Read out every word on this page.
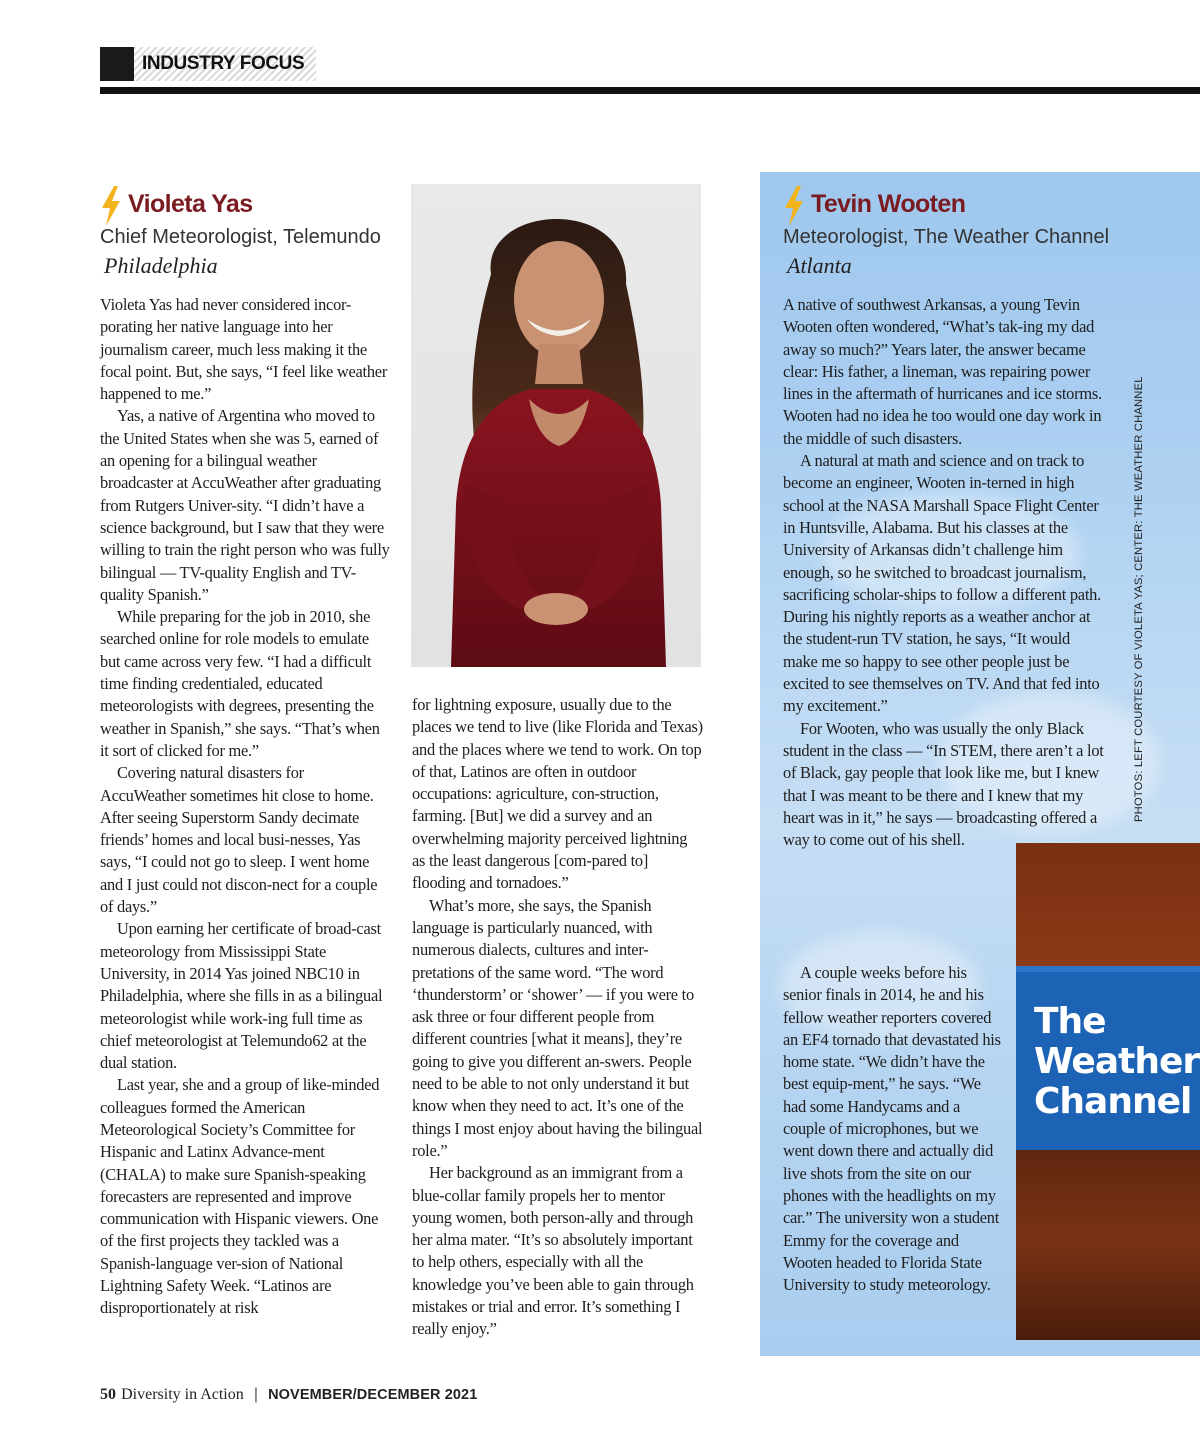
INDUSTRY FOCUS
Violeta Yas
Chief Meteorologist, Telemundo
Philadelphia

Violeta Yas had never considered incor-porating her native language into her journalism career, much less making it the focal point. But, she says, “I feel like weather happened to me.”

Yas, a native of Argentina who moved to the United States when she was 5, earned of an opening for a bilingual weather broadcaster at AccuWeather after graduating from Rutgers Univer-sity. “I didn’t have a science background, but I saw that they were willing to train the right person who was fully bilingual — TV-quality English and TV-quality Spanish.”

While preparing for the job in 2010, she searched online for role models to emulate but came across very few. “I had a difficult time finding credentialed, educated meteorologists with degrees, presenting the weather in Spanish,” she says. “That’s when it sort of clicked for me.”

Covering natural disasters for AccuWeather sometimes hit close to home. After seeing Superstorm Sandy decimate friends’ homes and local busi-nesses, Yas says, “I could not go to sleep. I went home and I just could not discon-nect for a couple of days.”

Upon earning her certificate of broad-cast meteorology from Mississippi State University, in 2014 Yas joined NBC10 in Philadelphia, where she fills in as a bilingual meteorologist while work-ing full time as chief meteorologist at Telemundo62 at the dual station.

Last year, she and a group of like-minded colleagues formed the American Meteorological Society’s Committee for Hispanic and Latinx Advance-ment (CHALA) to make sure Spanish-speaking forecasters are represented and improve communication with Hispanic viewers. One of the first projects they tackled was a Spanish-language ver-sion of National Lightning Safety Week. “Latinos are disproportionately at risk

for lightning exposure, usually due to the places we tend to live (like Florida and Texas) and the places where we tend to work. On top of that, Latinos are often in outdoor occupations: agriculture, con-struction, farming. [But] we did a survey and an overwhelming majority perceived lightning as the least dangerous [com-pared to] flooding and tornadoes.”

What’s more, she says, the Spanish language is particularly nuanced, with numerous dialects, cultures and inter-pretations of the same word. “The word ‘thunderstorm’ or ‘shower’ — if you were to ask three or four different people from different countries [what it means], they’re going to give you different an-swers. People need to be able to not only understand it but know when they need to act. It’s one of the things I most enjoy about having the bilingual role.”

Her background as an immigrant from a blue-collar family propels her to mentor young women, both person-ally and through her alma mater. “It’s so absolutely important to help others, especially with all the knowledge you’ve been able to gain through mistakes or trial and error. It’s something I really enjoy.”

Tevin Wooten
Meteorologist, The Weather Channel
Atlanta
The
Weather
Channel

A native of southwest Arkansas, a young Tevin Wooten often wondered, “What’s tak-ing my dad away so much?” Years later, the answer became clear: His father, a lineman, was repairing power lines in the aftermath of hurricanes and ice storms. Wooten had no idea he too would one day work in the middle of such disasters.

A natural at math and science and on track to become an engineer, Wooten in-terned in high school at the NASA Marshall Space Flight Center in Huntsville, Alabama. But his classes at the University of Arkansas didn’t challenge him enough, so he switched to broadcast journalism, sacrificing scholar-ships to follow a different path. During his nightly reports as a weather anchor at the student-run TV station, he says, “It would make me so happy to see other people just be excited to see themselves on TV. And that fed into my excitement.”

For Wooten, who was usually the only Black student in the class — “In STEM, there aren’t a lot of Black, gay people that look like me, but I knew that I was meant to be there and I knew that my heart was in it,” he says — broadcasting offered a way to come out of his shell.

A couple weeks before his senior finals in 2014, he and his fellow weather reporters covered an EF4 tornado that devastated his home state. “We didn’t have the best equip-ment,” he says. “We had some Handycams and a couple of microphones, but we went down there and actually did live shots from the site on our phones with the headlights on my car.” The university won a student Emmy for the coverage and Wooten headed to Florida State University to study meteorology.

PHOTOS: LEFT COURTESY OF VIOLETA YAS; CENTER: THE WEATHER CHANNEL
50 Diversity in Action | NOVEMBER/DECEMBER 2021
